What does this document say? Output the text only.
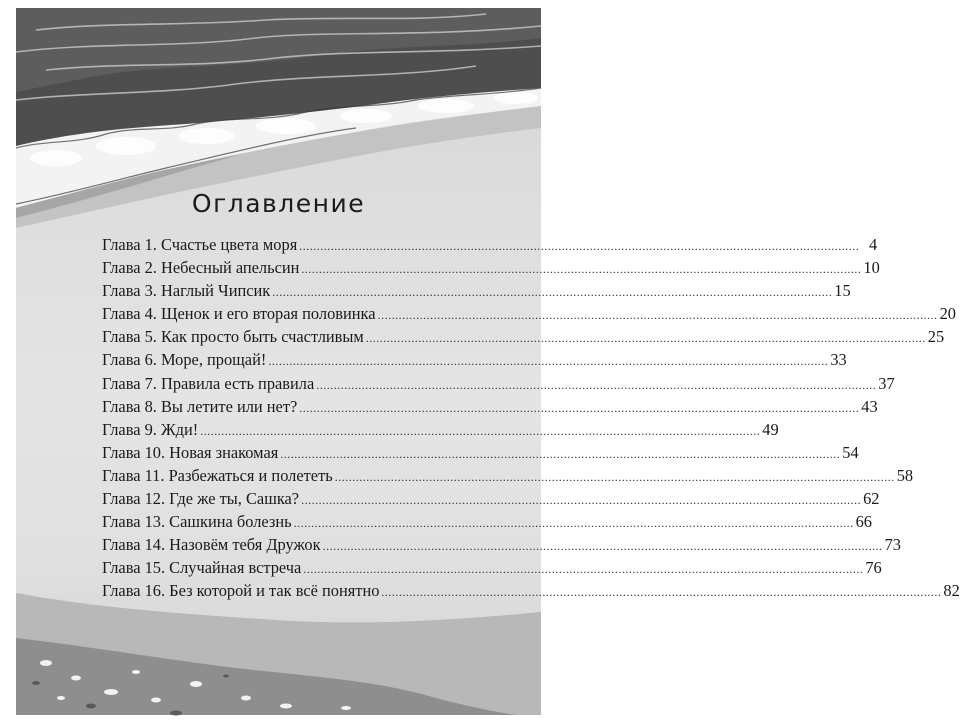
Оглавление
Глава 1. Счастье цвета моря ................................................................................................................................................................ 4
Глава 2. Небесный апельсин ................................................................................................................................................................ 10
Глава 3. Наглый Чипсик ................................................................................................................................................................ 15
Глава 4. Щенок и его вторая половинка ................................................................................................................................................................ 20
Глава 5. Как просто быть счастливым ................................................................................................................................................................ 25
Глава 6. Море, прощай! ................................................................................................................................................................ 33
Глава 7. Правила есть правила ................................................................................................................................................................ 37
Глава 8. Вы летите или нет? ................................................................................................................................................................ 43
Глава 9. Жди! ................................................................................................................................................................ 49
Глава 10. Новая знакомая ................................................................................................................................................................ 54
Глава 11. Разбежаться и полететь ................................................................................................................................................................ 58
Глава 12. Где же ты, Сашка? ................................................................................................................................................................ 62
Глава 13. Сашкина болезнь ................................................................................................................................................................ 66
Глава 14. Назовём тебя Дружок ................................................................................................................................................................ 73
Глава 15. Случайная встреча ................................................................................................................................................................ 76
Глава 16. Без которой и так всё понятно ................................................................................................................................................................ 82
